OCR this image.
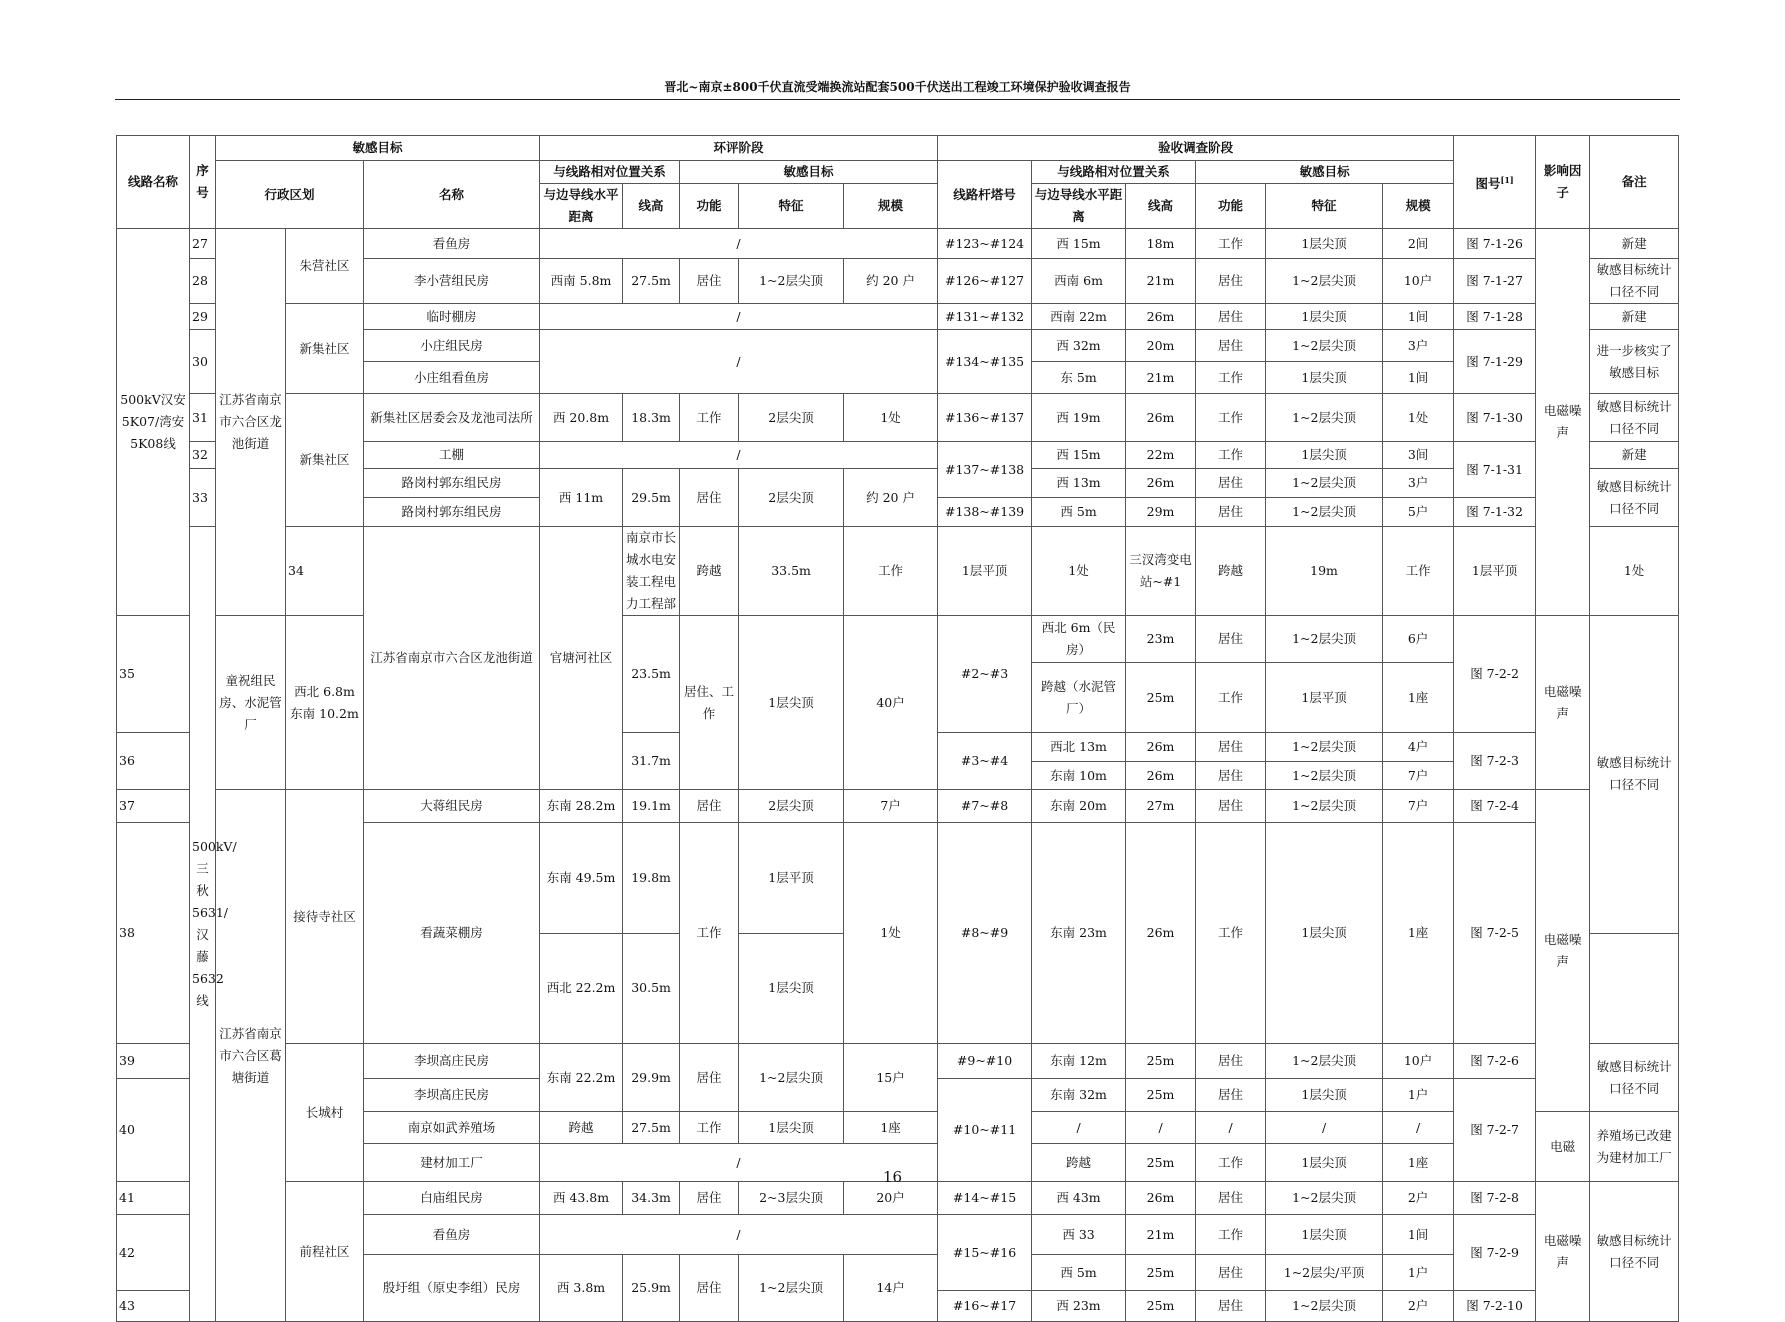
晋北~南京±800千伏直流受端换流站配套500千伏送出工程竣工环境保护验收调查报告
线路名称	序号	敏感目标			环评阶段					验收调查阶段						图号[1]	影响因子	备注	
		行政区划		名称	与线路相对位置关系		敏感目标			线路杆塔号	与线路相对位置关系		敏感目标						
					与边导线水平距离	线高	功能	特征	规模		与边导线水平距离	线高	功能	特征	规模				
500kV汉安5K07/湾安5K08线	27	江苏省南京市六合区龙池街道	朱营社区	看鱼房	/					#123~#124	西 15m	18m	工作	1层尖顶	2间	图 7-1-26	电磁噪声	新建	
	28			李小营组民房	西南 5.8m	27.5m	居住	1~2层尖顶	约 20 户	#126~#127	西南 6m	21m	居住	1~2层尖顶	10户	图 7-1-27		敏感目标统计口径不同	
	29		新集社区	临时棚房	/					#131~#132	西南 22m	26m	居住	1层尖顶	1间	图 7-1-28		新建	
	30			小庄组民房	/					#134~#135	西 32m	20m	居住	1~2层尖顶	3户	图 7-1-29		进一步核实了敏感目标	
				小庄组看鱼房							东 5m	21m	工作	1层尖顶	1间				
	31		新集社区	新集社区居委会及龙池司法所	西 20.8m	18.3m	工作	2层尖顶	1处	#136~#137	西 19m	26m	工作	1~2层尖顶	1处	图 7-1-30		敏感目标统计口径不同	
	32			工棚	/					#137~#138	西 15m	22m	工作	1层尖顶	3间	图 7-1-31		新建	
	33			路岗村郭东组民房	西 11m	29.5m	居住	2层尖顶	约 20 户		西 13m	26m	居住	1~2层尖顶	3户			敏感目标统计口径不同	
				路岗村郭东组民房						#138~#139	西 5m	29m	居住	1~2层尖顶	5户	图 7-1-32			
	500kV/三秋5631/汉藤5632线		34	江苏省南京市六合区龙池街道	官塘河社区	南京市长城水电安装工程电力工程部	跨越	33.5m	工作	1层平顶	1处	三汊湾变电站~#1	跨越	19m	工作	1层平顶		1处			
35		童祝组民房、水泥管厂	西北 6.8m 东南 10.2m			23.5m	居住、工作	1层尖顶	40户	#2~#3	西北 6m（民房）	23m	居住	1~2层尖顶	6户	图 7-2-2	电磁噪声	敏感目标统计口径不同	
											跨越（水泥管厂）	25m	工作	1层平顶	1座				
36						31.7m				#3~#4	西北 13m	26m	居住	1~2层尖顶	4户	图 7-2-3			
											东南 10m	26m	居住	1~2层尖顶	7户				
37		江苏省南京市六合区葛塘街道	接待寺社区	大蒋组民房	东南 28.2m	19.1m	居住	2层尖顶	7户	#7~#8	东南 20m	27m	居住	1~2层尖顶	7户	图 7-2-4	电磁噪声		
38				看蔬菜棚房	东南 49.5m	19.8m	工作	1层平顶	1处	#8~#9	东南 23m	26m	工作	1层尖顶	1座	图 7-2-5	
					西北 22.2m	30.5m		1层尖顶											
39			长城村	李坝高庄民房	东南 22.2m	29.9m	居住	1~2层尖顶	15户	#9~#10	东南 12m	25m	居住	1~2层尖顶	10户	图 7-2-6		敏感目标统计口径不同	
40				李坝高庄民房						#10~#11	东南 32m	25m	居住	1层尖顶	1户	图 7-2-7			
				南京如武养殖场	跨越	27.5m	工作	1层尖顶	1座		/	/	/	/	/		电磁	养殖场已改建为建材加工厂	
				建材加工厂	/						跨越	25m	工作	1层尖顶	1座				
41			前程社区	白庙组民房	西 43.8m	34.3m	居住	2~3层尖顶	20户	#14~#15	西 43m	26m	居住	1~2层尖顶	2户	图 7-2-8	电磁噪声	敏感目标统计口径不同	
42				看鱼房	/					#15~#16	西 33	21m	工作	1层尖顶	1间	图 7-2-9			
				殷圩组（原史李组）民房	西 3.8m	25.9m	居住	1~2层尖顶	14户		西 5m	25m	居住	1~2层尖/平顶	1户				
43										#16~#17	西 23m	25m	居住	1~2层尖顶	2户	图 7-2-10			
16
